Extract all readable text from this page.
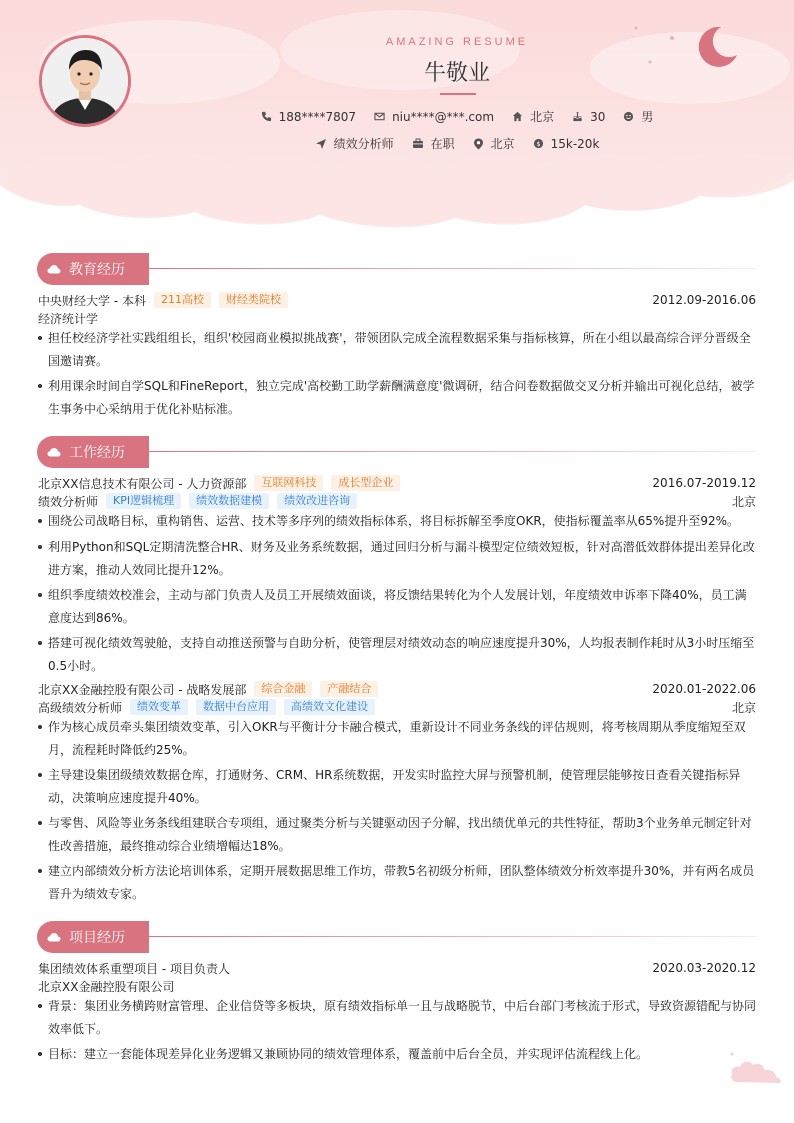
AMAZING RESUME
牛敬业
188****7807	niu****@***.com	北京	30	男
绩效分析师	在职	北京	$ 15k-20k
教育经历
中央财经大学 - 本科	211高校	财经类院校	2012.09-2016.06
经济统计学
担任校经济学社实践组组长，组织'校园商业模拟挑战赛'，带领团队完成全流程数据采集与指标核算，所在小组以最高综合评分晋级全国邀请赛。
利用课余时间自学SQL和FineReport，独立完成'高校勤工助学薪酬满意度'微调研，结合问卷数据做交叉分析并输出可视化总结，被学生事务中心采纳用于优化补贴标准。
工作经历
北京XX信息技术有限公司 - 人力资源部	互联网科技	成长型企业	2016.07-2019.12
绩效分析师	KPI逻辑梳理	绩效数据建模	绩效改进咨询	北京
围绕公司战略目标，重构销售、运营、技术等多序列的绩效指标体系，将目标拆解至季度OKR，使指标覆盖率从65%提升至92%。
利用Python和SQL定期清洗整合HR、财务及业务系统数据，通过回归分析与漏斗模型定位绩效短板，针对高潜低效群体提出差异化改进方案，推动人效同比提升12%。
组织季度绩效校准会，主动与部门负责人及员工开展绩效面谈，将反馈结果转化为个人发展计划，年度绩效申诉率下降40%，员工满意度达到86%。
搭建可视化绩效驾驶舱，支持自动推送预警与自助分析，使管理层对绩效动态的响应速度提升30%，人均报表制作耗时从3小时压缩至0.5小时。
北京XX金融控股有限公司 - 战略发展部	综合金融	产融结合	2020.01-2022.06
高级绩效分析师	绩效变革	数据中台应用	高绩效文化建设	北京
作为核心成员牵头集团绩效变革，引入OKR与平衡计分卡融合模式，重新设计不同业务条线的评估规则，将考核周期从季度缩短至双月，流程耗时降低约25%。
主导建设集团级绩效数据仓库，打通财务、CRM、HR系统数据，开发实时监控大屏与预警机制，使管理层能够按日查看关键指标异动，决策响应速度提升40%。
与零售、风险等业务条线组建联合专项组，通过聚类分析与关键驱动因子分解，找出绩优单元的共性特征，帮助3个业务单元制定针对性改善措施，最终推动综合业绩增幅达18%。
建立内部绩效分析方法论培训体系，定期开展数据思维工作坊，带教5名初级分析师，团队整体绩效分析效率提升30%，并有两名成员晋升为绩效专家。
项目经历
集团绩效体系重塑项目 - 项目负责人	2020.03-2020.12
北京XX金融控股有限公司
背景：集团业务横跨财富管理、企业信贷等多板块，原有绩效指标单一且与战略脱节，中后台部门考核流于形式，导致资源错配与协同效率低下。
目标：建立一套能体现差异化业务逻辑又兼顾协同的绩效管理体系，覆盖前中后台全员，并实现评估流程线上化。
